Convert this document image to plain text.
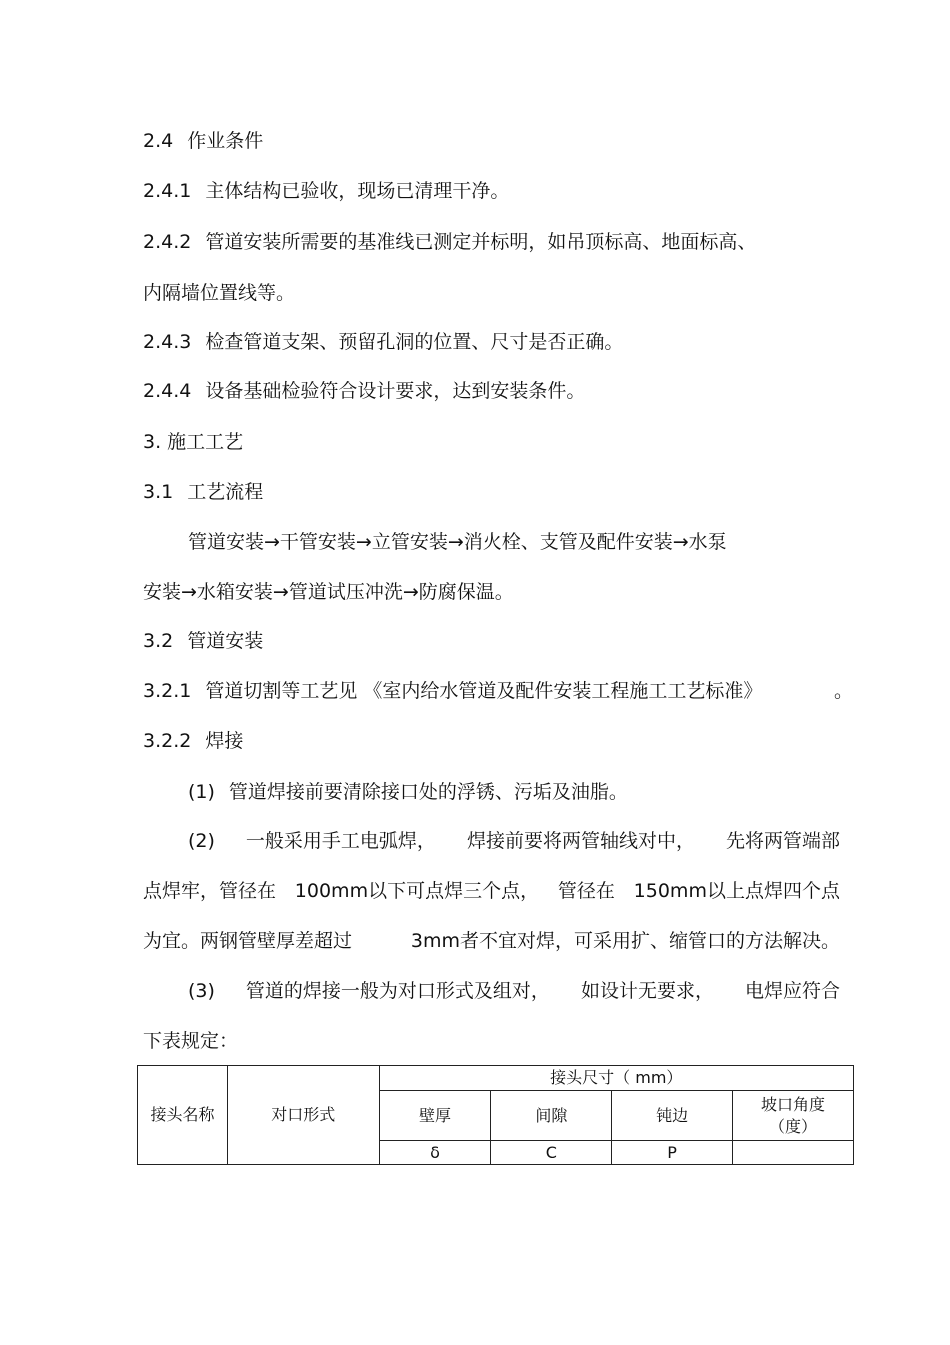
2.4 作业条件
2.4.1 主体结构已验收，现场已清理干净。
2.4.2 管道安装所需要的基准线已测定并标明，如吊顶标高、地面标高、
内隔墙位置线等。
2.4.3 检查管道支架、预留孔洞的位置、尺寸是否正确。
2.4.4 设备基础检验符合设计要求，达到安装条件。
3. 施工工艺
3.1 工艺流程
管道安装→干管安装→立管安装→消火栓、支管及配件安装→水泵
安装→水箱安装→管道试压冲洗→防腐保温。
3.2 管道安装
3.2.1 管道切割等工艺见 《室内给水管道及配件安装工程施工工艺标准》	。
3.2.2 焊接
(1) 管道焊接前要清除接口处的浮锈、污垢及油脂。
(2) 一般采用手工电弧焊， 焊接前要将两管轴线对中， 先将两管端部
点焊牢，管径在 100mm以下可点焊三个点， 管径在 150mm以上点焊四个点
为宜。两钢管壁厚差超过	3mm者不宜对焊，可采用扩、缩管口的方法解决。
(3) 管道的焊接一般为对口形式及组对， 如设计无要求， 电焊应符合
下表规定：
接头名称	对口形式	接头尺寸（ mm）			
		壁厚	间隙	钝边	坡口角度（度）
		δ	C	P	
